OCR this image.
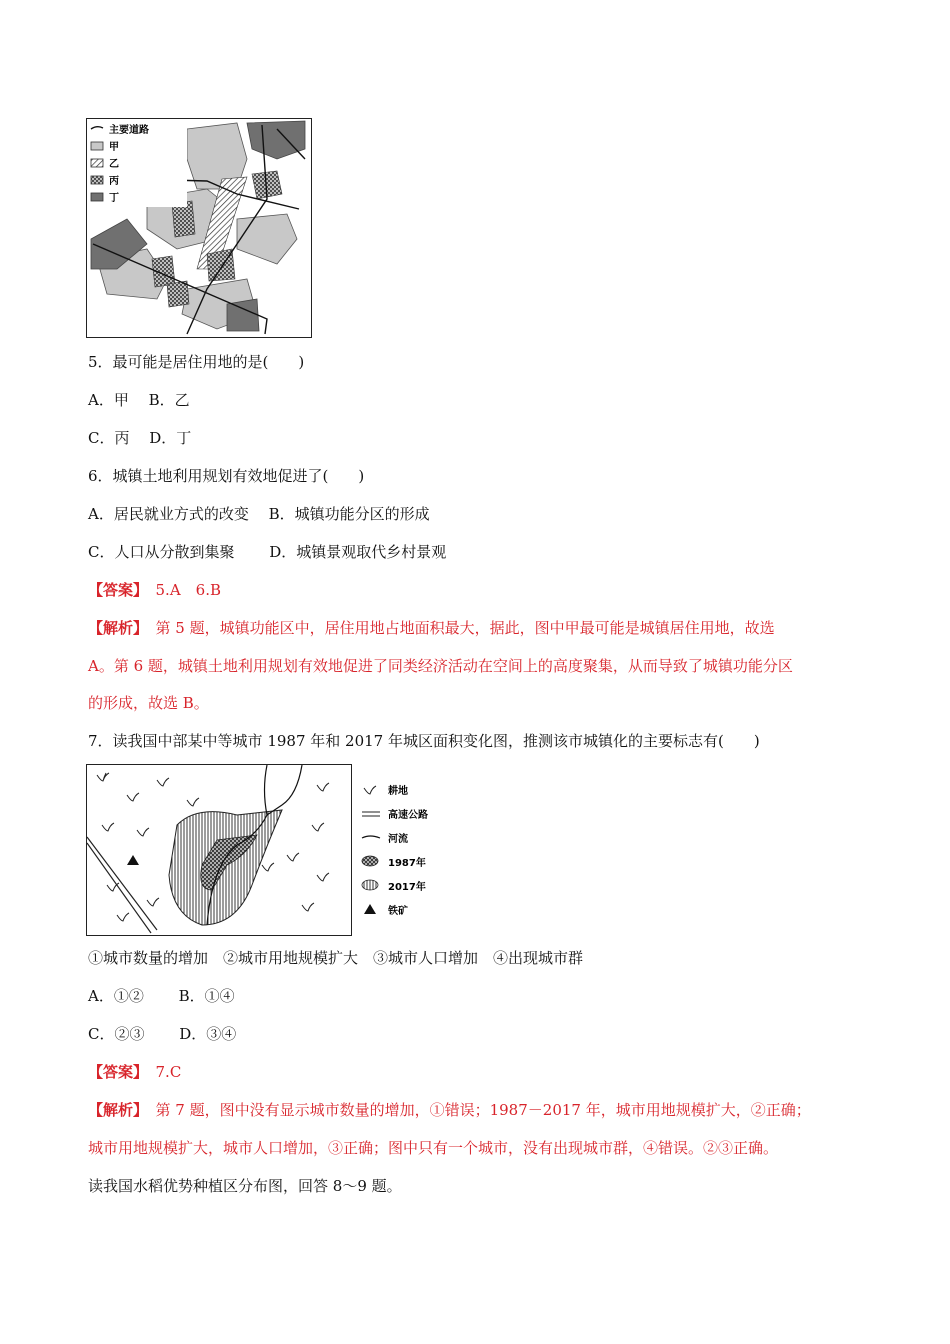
主要道路
甲
乙
丙
丁
5．最可能是居住用地的是(　　)
A．甲　 B．乙
C．丙　 D．丁
6．城镇土地利用规划有效地促进了(　　)
A．居民就业方式的改变　 B．城镇功能分区的形成
C．人口从分散到集聚　　 D．城镇景观取代乡村景观
【答案】　5.A　6.B
【解析】　第 5 题，城镇功能区中，居住用地占地面积最大，据此，图中甲最可能是城镇居住用地，故选
A。第 6 题，城镇土地利用规划有效地促进了同类经济活动在空间上的高度聚集，从而导致了城镇功能分区
的形成，故选 B。
7．读我国中部某中等城市 1987 年和 2017 年城区面积变化图，推测该市城镇化的主要标志有(　　)
耕地
高速公路
河流
1987年
2017年
铁矿
①城市数量的增加　②城市用地规模扩大　③城市人口增加　④出现城市群
A．①②　　 B．①④
C．②③　　 D．③④
【答案】　7.C
【解析】　第 7 题，图中没有显示城市数量的增加，①错误；1987－2017 年，城市用地规模扩大，②正确；
城市用地规模扩大，城市人口增加，③正确；图中只有一个城市，没有出现城市群，④错误。②③正确。
读我国水稻优势种植区分布图，回答 8～9 题。
